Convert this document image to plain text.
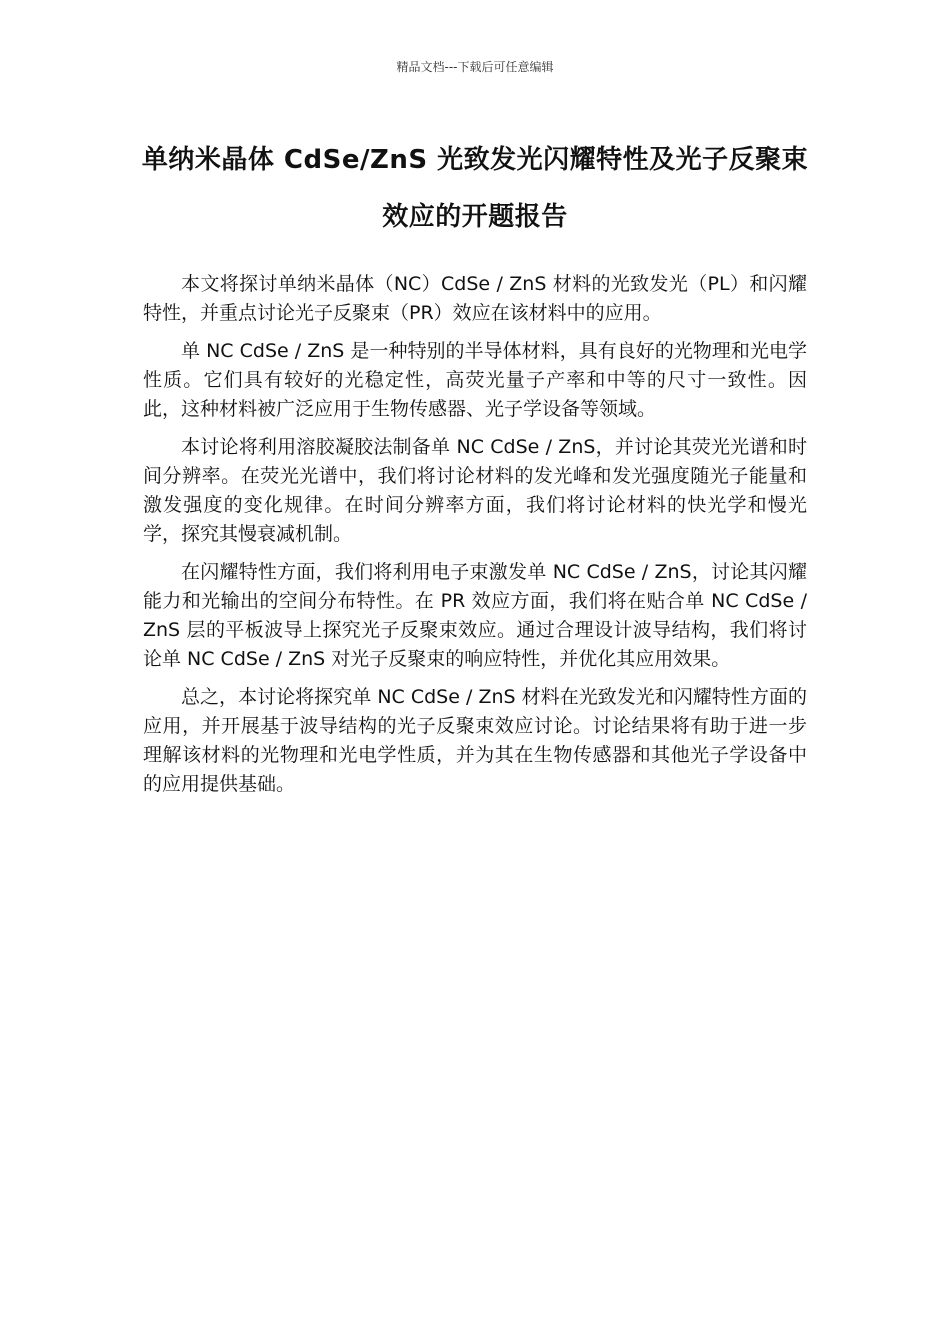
精品文档---下载后可任意编辑
单纳米晶体 CdSe/ZnS 光致发光闪耀特性及光子反聚束效应的开题报告

本文将探讨单纳米晶体（NC）CdSe / ZnS 材料的光致发光（PL）和闪耀特性，并重点讨论光子反聚束（PR）效应在该材料中的应用。

单 NC CdSe / ZnS 是一种特别的半导体材料，具有良好的光物理和光电学性质。它们具有较好的光稳定性，高荧光量子产率和中等的尺寸一致性。因此，这种材料被广泛应用于生物传感器、光子学设备等领域。

本讨论将利用溶胶凝胶法制备单 NC CdSe / ZnS，并讨论其荧光光谱和时间分辨率。在荧光光谱中，我们将讨论材料的发光峰和发光强度随光子能量和激发强度的变化规律。在时间分辨率方面，我们将讨论材料的快光学和慢光学，探究其慢衰减机制。

在闪耀特性方面，我们将利用电子束激发单 NC CdSe / ZnS，讨论其闪耀能力和光输出的空间分布特性。在 PR 效应方面，我们将在贴合单 NC CdSe / ZnS 层的平板波导上探究光子反聚束效应。通过合理设计波导结构，我们将讨论单 NC CdSe / ZnS 对光子反聚束的响应特性，并优化其应用效果。

总之，本讨论将探究单 NC CdSe / ZnS 材料在光致发光和闪耀特性方面的应用，并开展基于波导结构的光子反聚束效应讨论。讨论结果将有助于进一步理解该材料的光物理和光电学性质，并为其在生物传感器和其他光子学设备中的应用提供基础。
